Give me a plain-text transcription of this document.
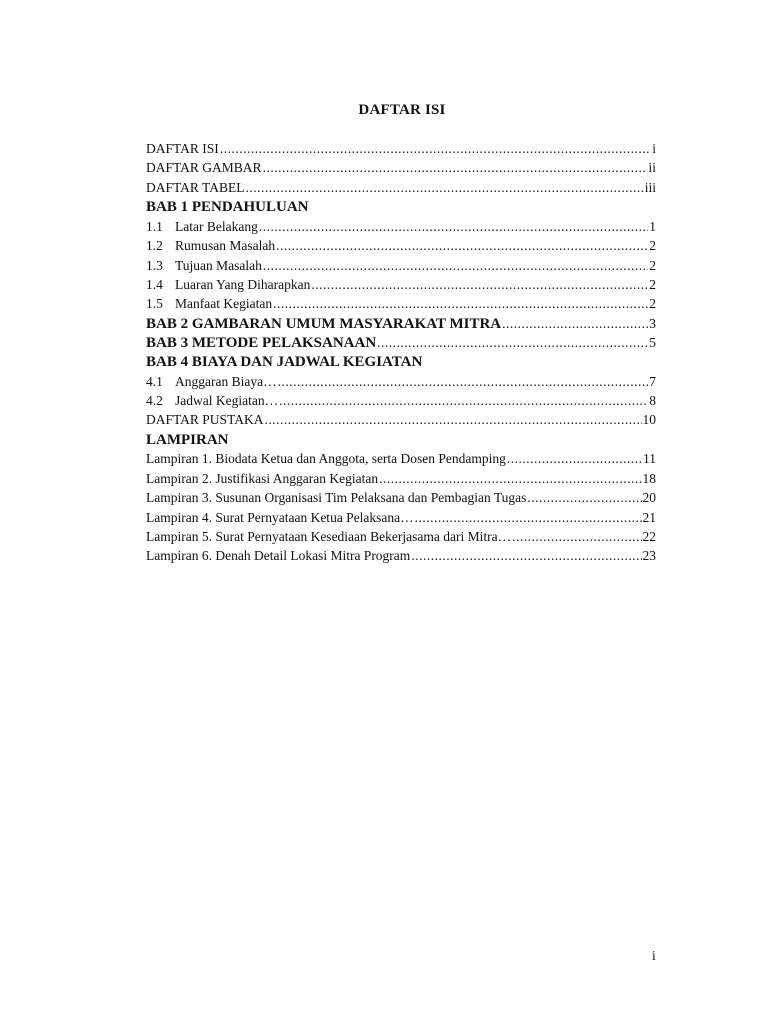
DAFTAR ISI
DAFTAR ISI .....	i
DAFTAR GAMBAR .....	ii
DAFTAR TABEL .....	iii
BAB 1 PENDAHULUAN
1.1 Latar Belakang .....	1
1.2 Rumusan Masalah .....	2
1.3 Tujuan Masalah .....	2
1.4 Luaran Yang Diharapkan .....	2
1.5 Manfaat Kegiatan .....	2
BAB 2 GAMBARAN UMUM MASYARAKAT MITRA .....	3
BAB 3 METODE PELAKSANAAN .....	5
BAB 4 BIAYA DAN JADWAL KEGIATAN
4.1 Anggaran Biaya… .....	7
4.2 Jadwal Kegiatan… .....	8
DAFTAR PUSTAKA .....	10
LAMPIRAN
Lampiran 1. Biodata Ketua dan Anggota, serta Dosen Pendamping .....	11
Lampiran 2. Justifikasi Anggaran Kegiatan .....	18
Lampiran 3. Susunan Organisasi Tim Pelaksana dan Pembagian Tugas .....	20
Lampiran 4. Surat Pernyataan Ketua Pelaksana… .....	21
Lampiran 5. Surat Pernyataan Kesediaan Bekerjasama dari Mitra… .....	22
Lampiran 6. Denah Detail Lokasi Mitra Program .....	23
i
